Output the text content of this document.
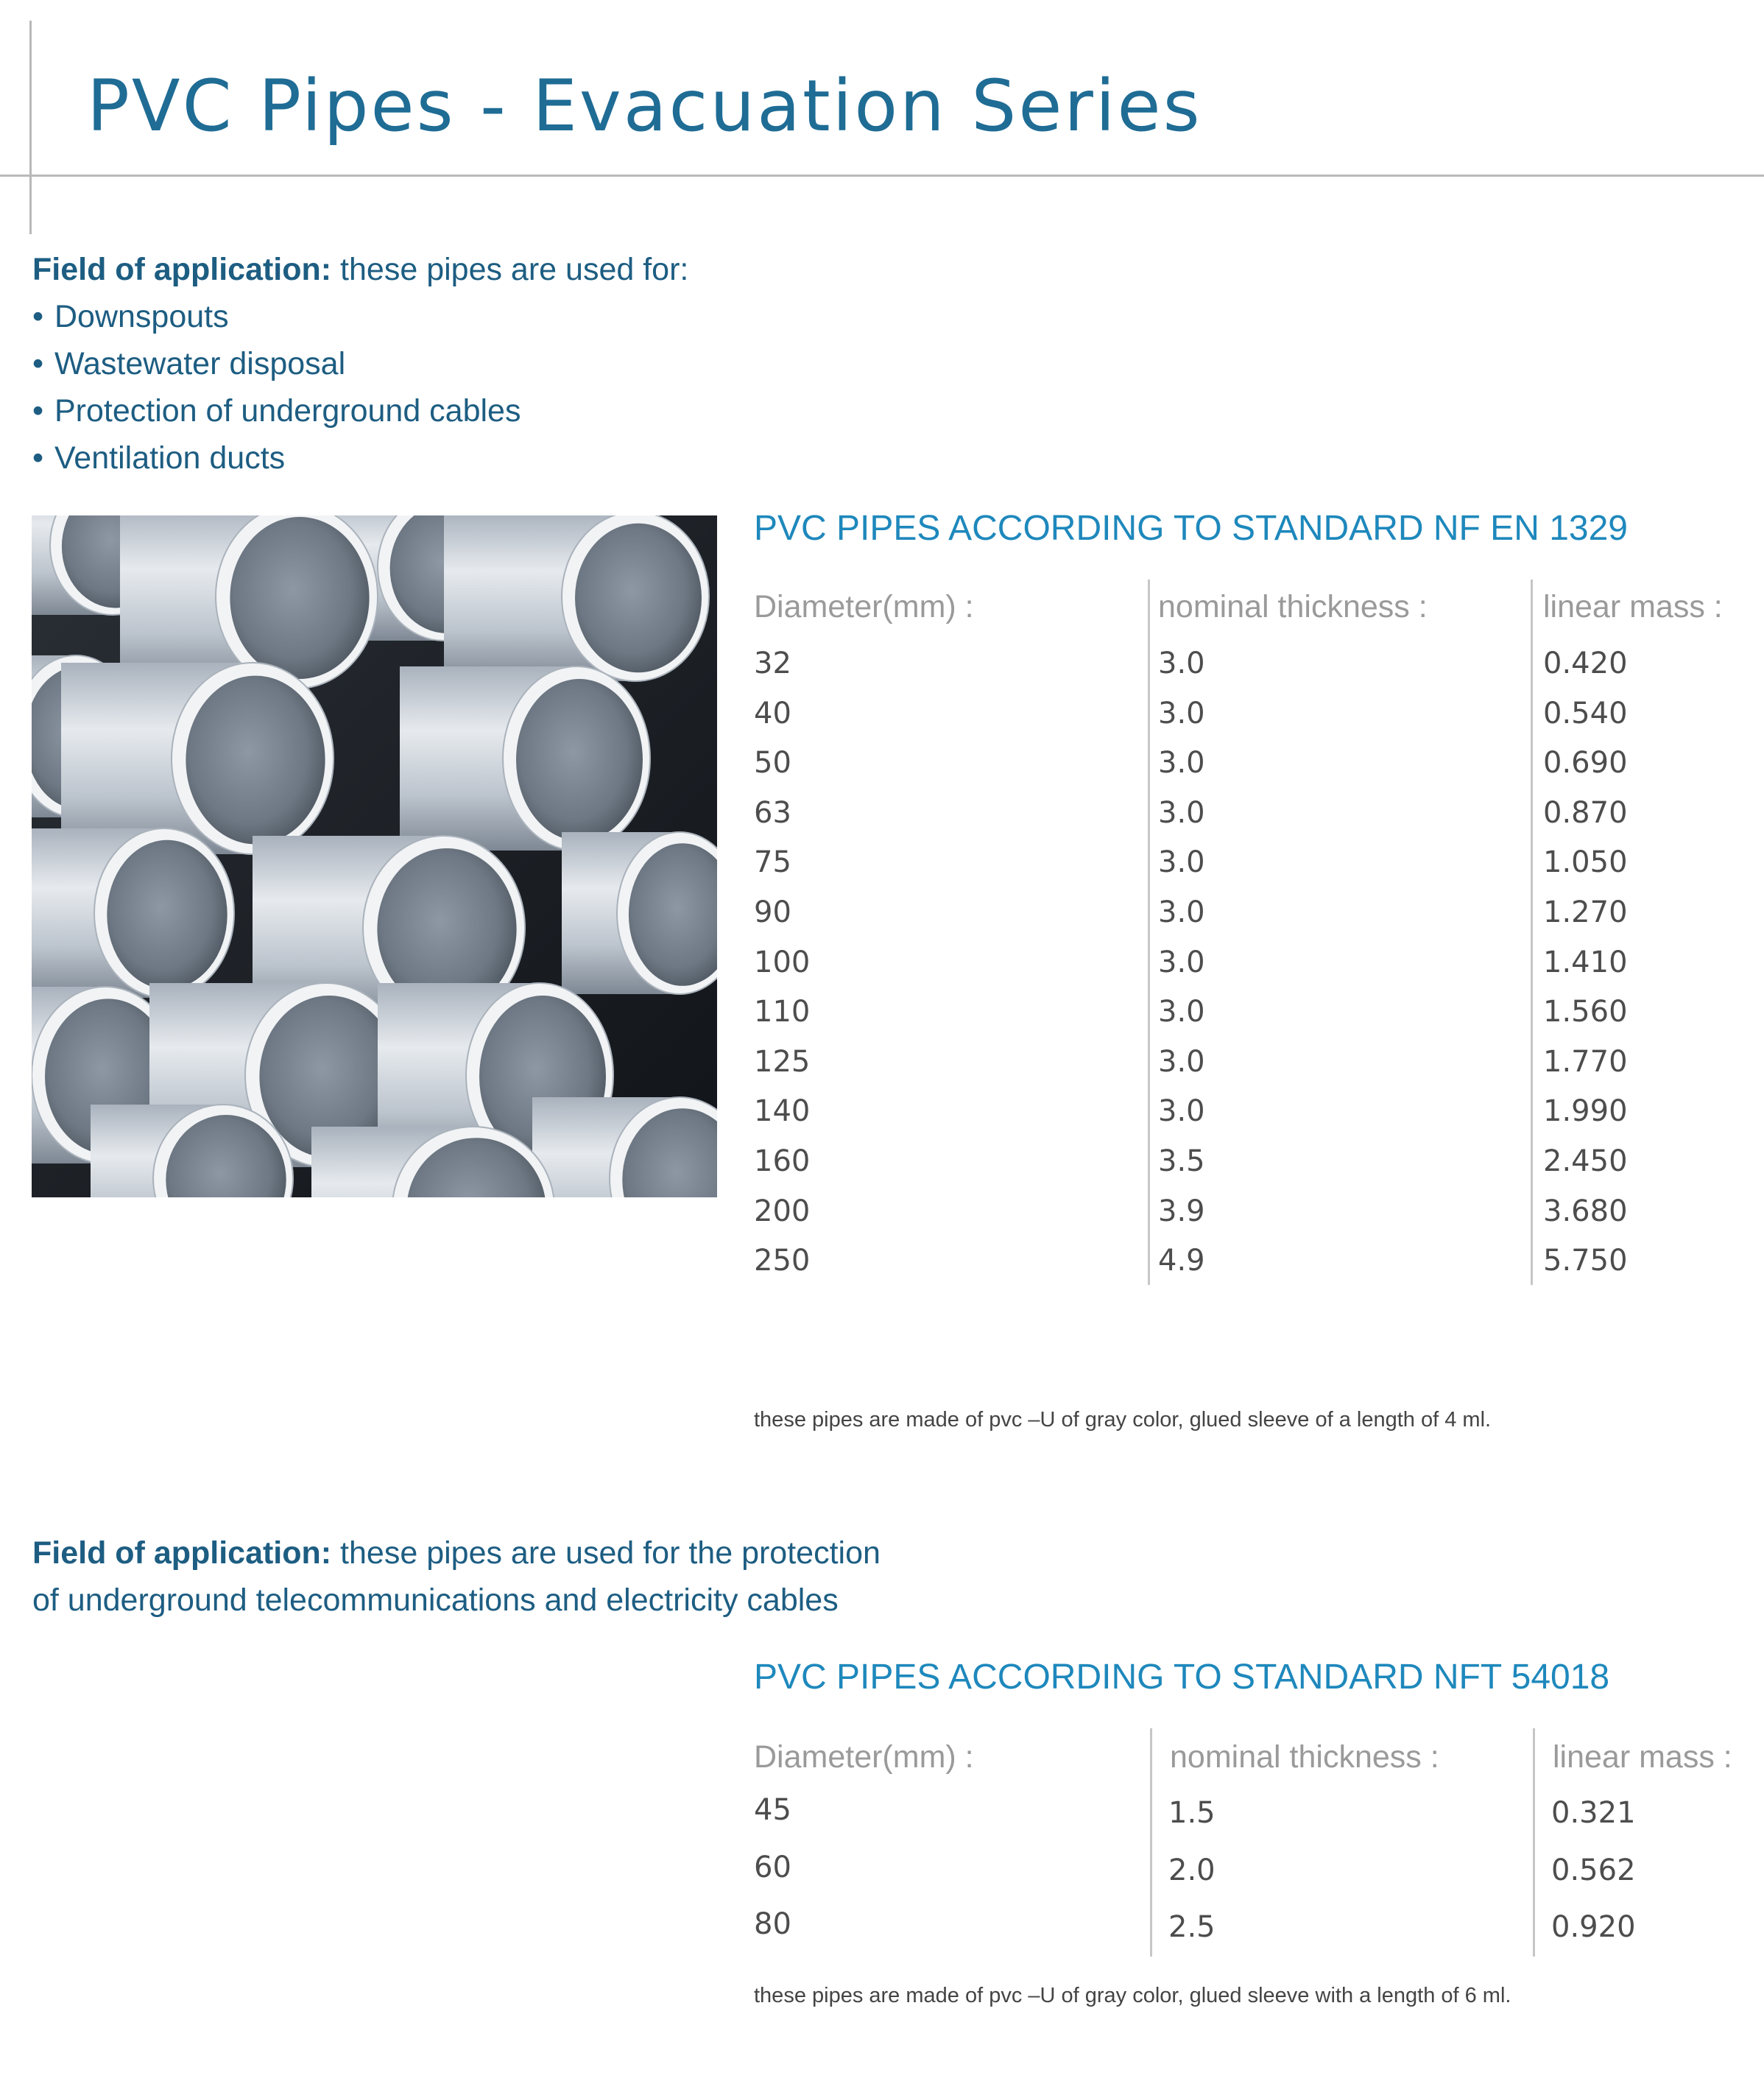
PVC Pipes - Evacuation Series
Field of application: these pipes are used for:
• Downspouts
• Wastewater disposal
• Protection of underground cables
• Ventilation ducts
PVC PIPES ACCORDING TO STANDARD NF EN 1329
Diameter(mm) :	nominal thickness :	linear mass :
32	3.0	0.420
40	3.0	0.540
50	3.0	0.690
63	3.0	0.870
75	3.0	1.050
90	3.0	1.270
100	3.0	1.410
110	3.0	1.560
125	3.0	1.770
140	3.0	1.990
160	3.5	2.450
200	3.9	3.680
250	4.9	5.750
these pipes are made of pvc –U of gray color, glued sleeve of a length of 4 ml.
Field of application: these pipes are used for the protection
of underground telecommunications and electricity cables
PVC PIPES ACCORDING TO STANDARD NFT 54018
Diameter(mm) :	nominal thickness :	linear mass :
45	1.5	0.321
60	2.0	0.562
80	2.5	0.920
these pipes are made of pvc –U of gray color, glued sleeve with a length of 6 ml.
